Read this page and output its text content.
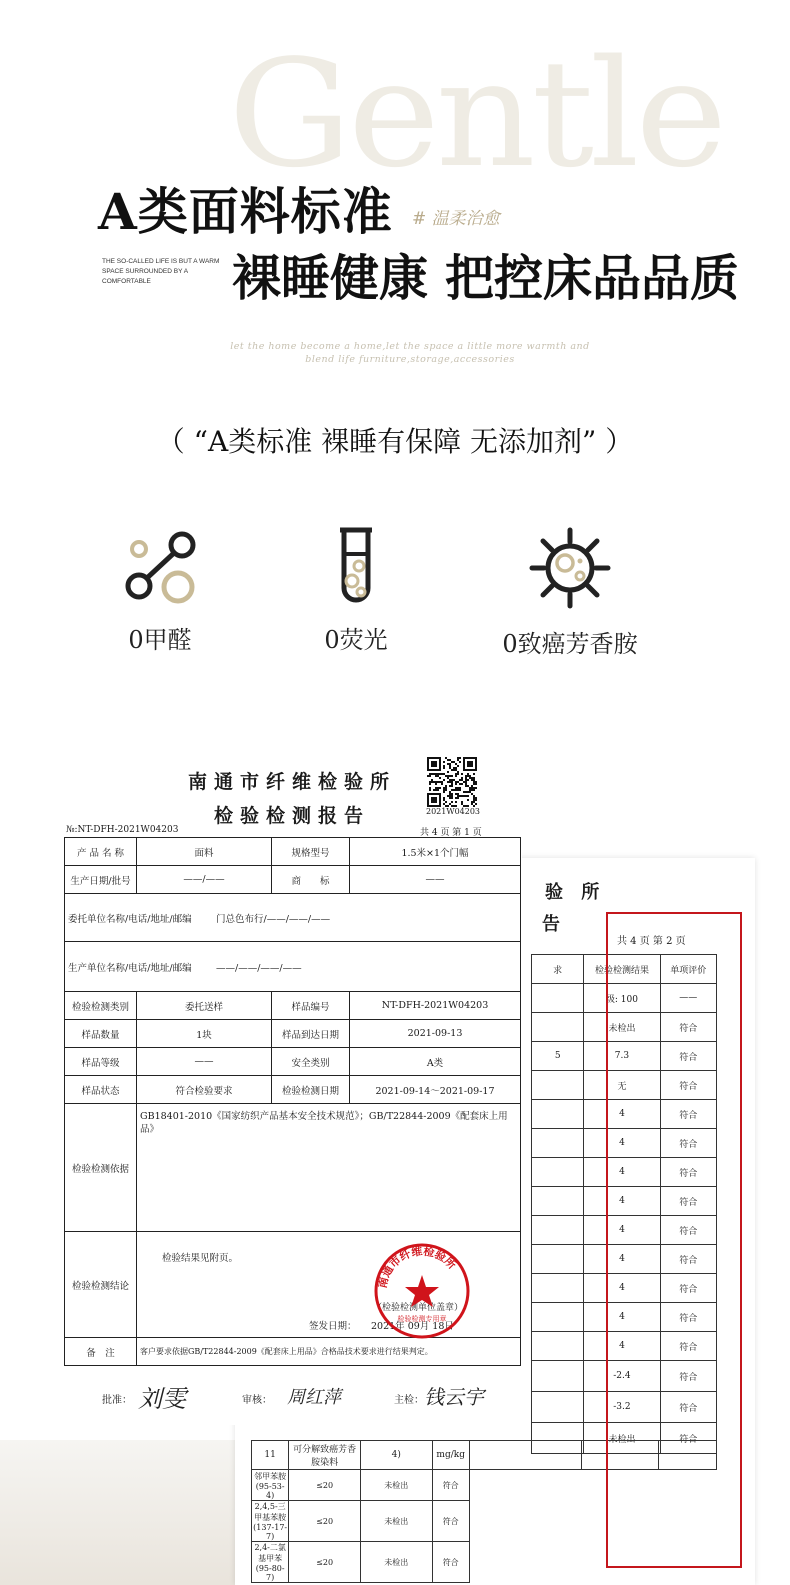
Gentle
A类面料标准 # 温柔治愈
THE SO-CALLED LIFE IS BUT A WARM SPACE SURROUNDED BY A COMFORTABLE	裸睡健康 把控床品品质
let the home become a home,let the space a little more warmth and
blend life furniture,storage,accessories
（ “A类标准 裸睡有保障 无添加剂” ）
0甲醛	0荧光	0致癌芳香胺
验 所
告
共 4 页 第 2 页
求	检验检测结果	单项评价
	级: 100	——
	未检出	符合
5	7.3	符合
	无	符合
	4	符合
	4	符合
	4	符合
	4	符合
	4	符合
	4	符合
	4	符合
	4	符合
	4	符合
	-2.4	符合
	-3.2	符合
	未检出	符合
11	可分解致癌芳香胺染料	4)	mg/kg			
邻甲苯胺(95-53-4)	≤20	未检出	符合			
2,4,5-三甲基苯胺(137-17-7)	≤20	未检出	符合			
2,4-二氯基甲苯(95-80-7)	≤20	未检出	符合			
南通市纤维检验所
检验检测报告	2021W04203
№:NT-DFH-2021W04203	共 4 页 第 1 页
产 品 名 称	面料	规格型号	1.5米×1个门幅
生产日期/批号	——/——	商　　标	——
委托单位名称/电话/地址/邮编 门总色布行/——/——/——			
生产单位名称/电话/地址/邮编 ——/——/——/——			
检验检测类别	委托送样	样品编号	NT-DFH-2021W04203
样品数量	1块	样品到达日期	2021-09-13
样品等级	——	安全类别	A类
样品状态	符合检验要求	检验检测日期	2021-09-14～2021-09-17
检验检测依据	GB18401-2010《国家纺织产品基本安全技术规范》；GB/T22844-2009《配套床上用品》		
检验检测结论	检验结果见附页。
（检验检测单位盖章）
签发日期： 2021年 09月 18日		

备　注	客户要求依据GB/T22844-2009《配套床上用品》合格品技术要求进行结果判定。		
南通市纤维检验所
检验检测专用章
批准： 刘雯	审核： 周红萍	主检： 钱云宇
